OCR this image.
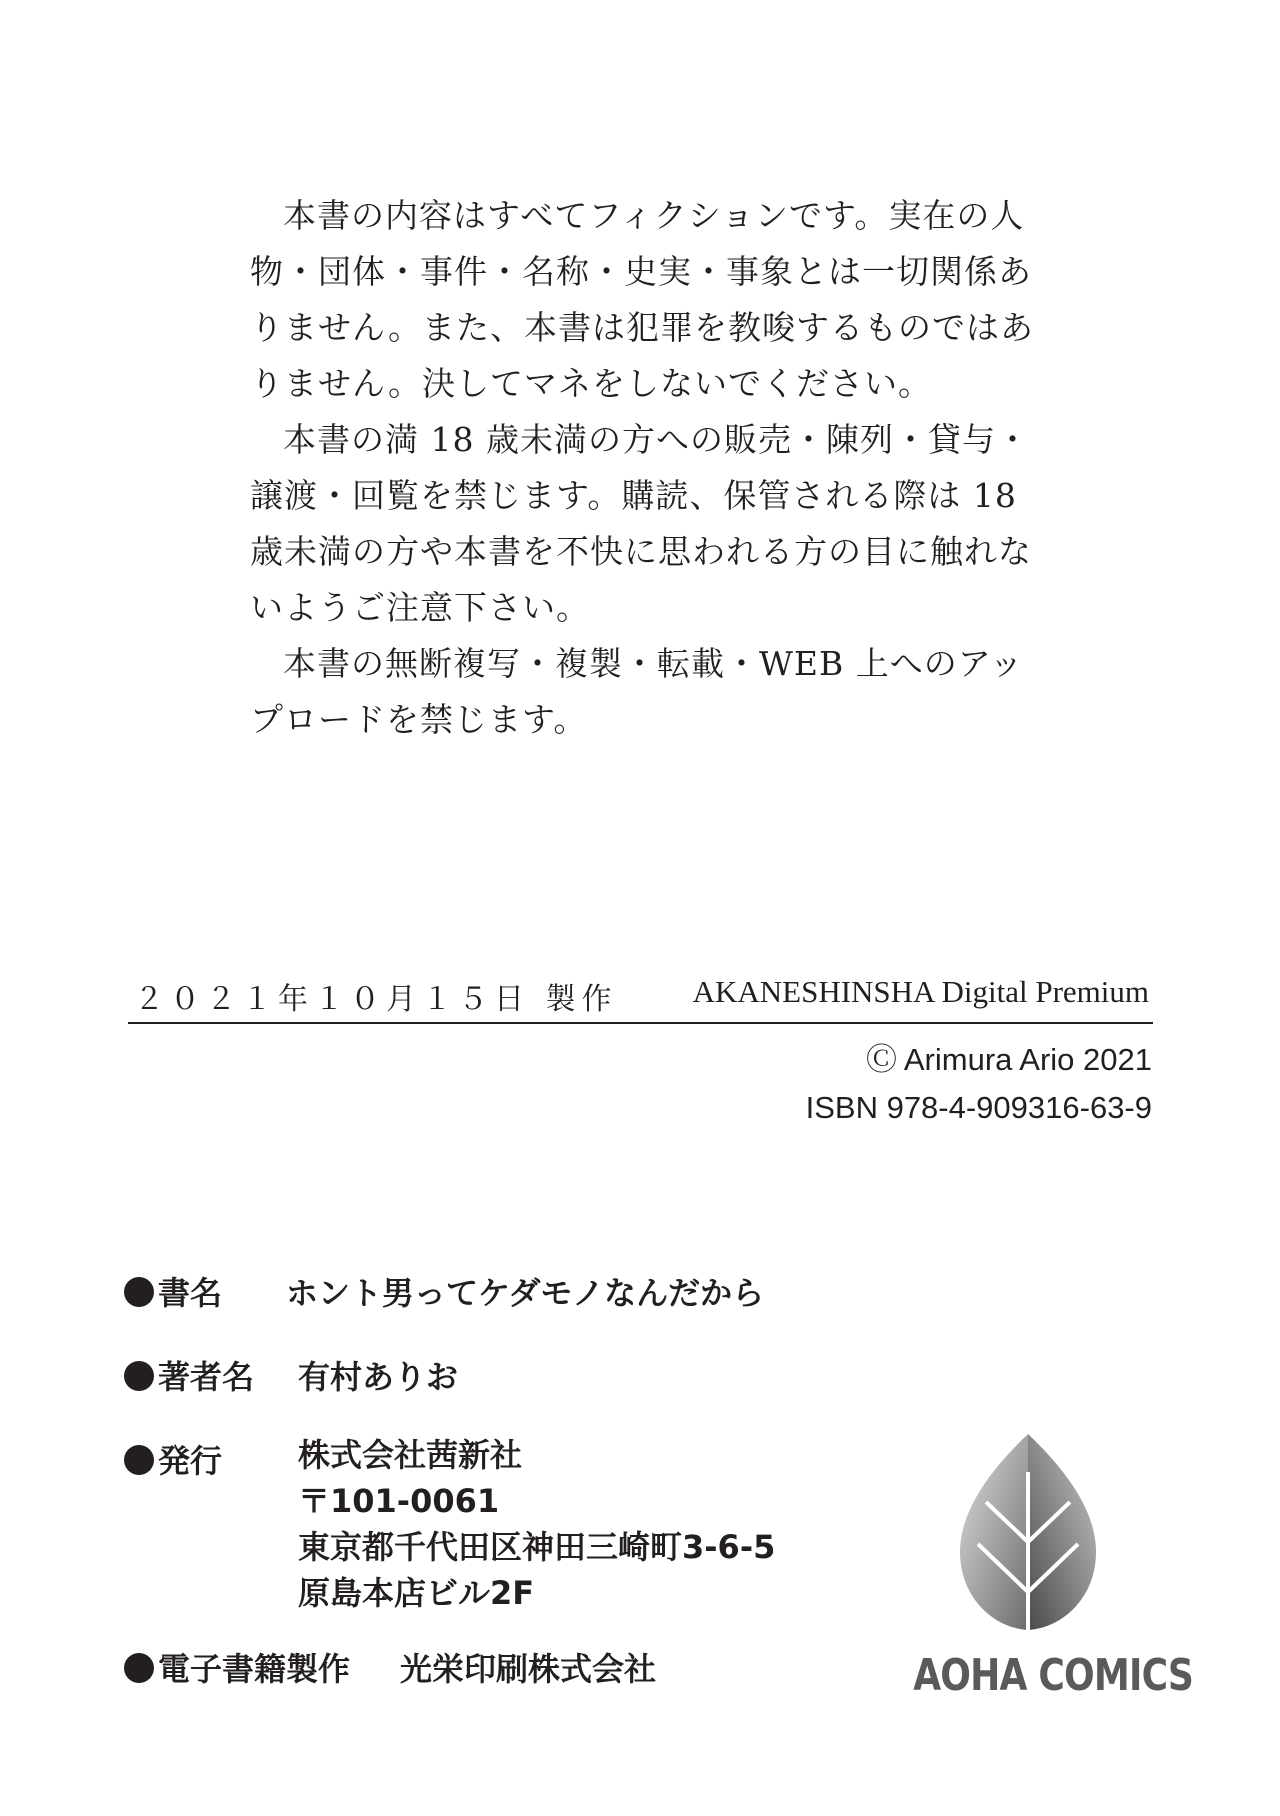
本書の内容はすべてフィクションです。実在の人物・団体・事件・名称・史実・事象とは一切関係ありません。また、本書は犯罪を教唆するものではありません。決してマネをしないでください。

本書の満 18 歳未満の方への販売・陳列・貸与・譲渡・回覧を禁じます。購読、保管される際は 18 歳未満の方や本書を不快に思われる方の目に触れないようご注意下さい。

本書の無断複写・複製・転載・WEB 上へのアップロードを禁じます。

２０２１年１０月１５日 製作 AKANESHINSHA Digital Premium
Ⓒ Arimura Ario 2021
ISBN 978-4-909316-63-9
書名 ホント男ってケダモノなんだから
著者名 有村ありお
発行 株式会社茜新社
〒101-0061
東京都千代田区神田三崎町3-6-5
原島本店ビル2F
電子書籍製作 光栄印刷株式会社	AOHA COMICS
